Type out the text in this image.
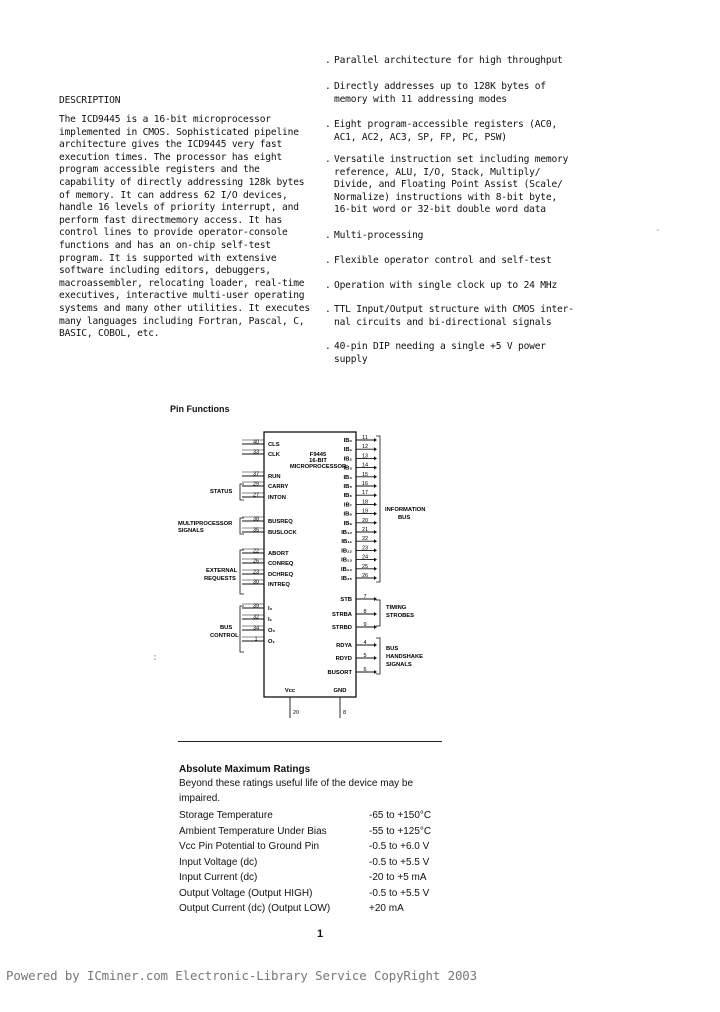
DESCRIPTION
The ICD9445 is a 16-bit microprocessor
implemented in CMOS. Sophisticated pipeline
architecture gives the ICD9445 very fast
execution times. The processor has eight
program accessible registers and the
capability of directly addressing 128k bytes
of memory. It can address 62 I/O devices,
handle 16 levels of priority interrupt, and
perform fast directmemory access. It has
control lines to provide operator-console
functions and has an on-chip self-test
program. It is supported with extensive
software including editors, debuggers,
macroassembler, relocating loader, real-time
executives, interactive multi-user operating
systems and many other utilities. It executes
many languages including Fortran, Pascal, C,
BASIC, COBOL, etc.
. Parallel architecture for high throughput
. Directly addresses up to 128K bytes of
memory with 11 addressing modes
. Eight program-accessible registers (AC0,
AC1, AC2, AC3, SP, FP, PC, PSW)
. Versatile instruction set including memory
reference, ALU, I/O, Stack, Multiply/
Divide, and Floating Point Assist (Scale/
Normalize) instructions with 8-bit byte,
16-bit word or 32-bit double word data
. Multi-processing
. Flexible operator control and self-test
. Operation with single clock up to 24 MHz
. TTL Input/Output structure with CMOS inter-
nal circuits and bi-directional signals
. 40-pin DIP needing a single +5 V power
supply
-
:
Pin Functions
F9445
16-BIT
MICROPROCESSOR
40 CLS
33 CLK
37 RUN
29 CARRY
27 INTON
38 BUSREQ
35 BUSLOCK
22 ABORT
26 CONREQ
23 DCHREQ
30 INTREQ
39 I₀
32 I₁
34 O₀
1 O₁
11
IB₀
12
IB₁
13
IB₂
14
IB₃
15
IB₄
16
IB₅
17
IB₆
18
IB₇
19
IB₈
20
IB₉
21
IB₁₀
22
IB₁₁
23
IB₁₂
24
IB₁₃
25
IB₁₄
26
IB₁₅
7
STB
8
STRBA
9
STRBD
4
RDYA
5
RDYD
6
BUSORT
Vcc
20
GND
8
STATUS
MULTIPROCESSOR
SIGNALS
EXTERNAL
REQUESTS
BUS
CONTROL
INFORMATION
BUS
TIMING
STROBES
BUS
HANDSHAKE
SIGNALS
Absolute Maximum Ratings
Beyond these ratings useful life of the device may be impaired.
Storage Temperature	-65 to +150°C
Ambient Temperature Under Bias	-55 to +125°C
Vcc Pin Potential to Ground Pin	-0.5 to +6.0 V
Input Voltage (dc)	-0.5 to +5.5 V
Input Current (dc)	-20 to +5 mA
Output Voltage (Output HIGH)	-0.5 to +5.5 V
Output Current (dc) (Output LOW)	+20 mA
1
Powered by ICminer.com Electronic-Library Service CopyRight 2003
